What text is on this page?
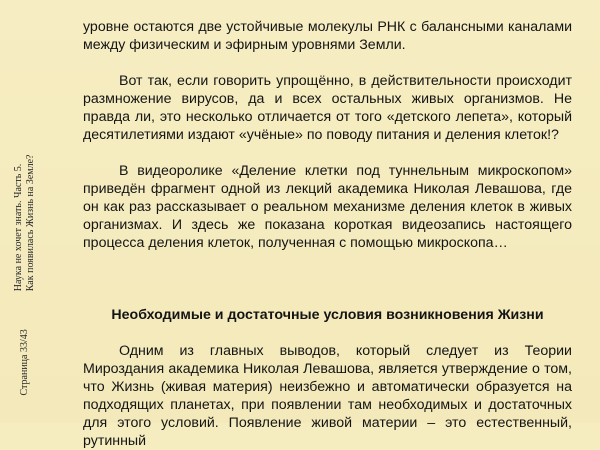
Страница 33/43
Наука не хочет знать. Часть 5. Как появилась Жизнь на Земле?

уровне остаются две устойчивые молекулы РНК с балансными каналами между физическим и эфирным уровнями Земли.

Вот так, если говорить упрощённо, в действительности происходит размножение вирусов, да и всех остальных живых организмов. Не правда ли, это несколько отличается от того «детского лепета», который десятилетиями издают «учёные» по поводу питания и деления клеток!?

В видеоролике «Деление клетки под туннельным микроскопом» приведён фрагмент одной из лекций академика Николая Левашова, где он как раз рассказывает о реальном механизме деления клеток в живых организмах. И здесь же показана короткая видеозапись настоящего процесса деления клеток, полученная с помощью микроскопа…

Необходимые и достаточные условия возникновения Жизни

Одним из главных выводов, который следует из Теории Мироздания академика Николая Левашова, является утверждение о том, что Жизнь (живая материя) неизбежно и автоматически образуется на подходящих планетах, при появлении там необходимых и достаточных для этого условий. Появление живой материи – это естественный, рутинный
